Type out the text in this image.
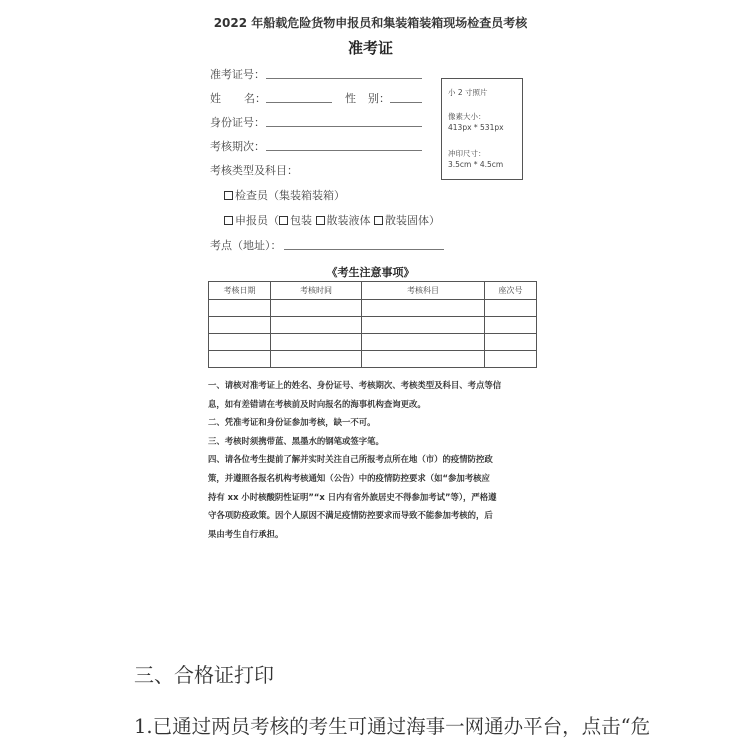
2022 年船载危险货物申报员和集装箱装箱现场检查员考核
准考证
准考证号：
姓 名：	性 别：
身份证号：
考核期次：
考核类型及科目：
检查员（集装箱装箱）
申报员（ 包装 散装液体 散装固体）
考点（地址）：
小 2 寸照片
像素大小：
413px * 531px
冲印尺寸：
3.5cm * 4.5cm
《考生注意事项》
考核日期	考核时间	考核科目	座次号

一、请核对准考证上的姓名、身份证号、考核期次、考核类型及科目、考点等信

息，如有差错请在考核前及时向报名的海事机构查询更改。

二、凭准考证和身份证参加考核，缺一不可。

三、考核时须携带蓝、黑墨水的钢笔或签字笔。

四、请各位考生提前了解并实时关注自己所报考点所在地（市）的疫情防控政

策，并遵照各报名机构考核通知（公告）中的疫情防控要求（如“参加考核应

持有 xx 小时核酸阴性证明”“x 日内有省外旅居史不得参加考试”等），严格遵

守各项防疫政策。因个人原因不满足疫情防控要求而导致不能参加考核的，后

果由考生自行承担。

三、合格证打印
1.已通过两员考核的考生可通过海事一网通办平台，点击“危
